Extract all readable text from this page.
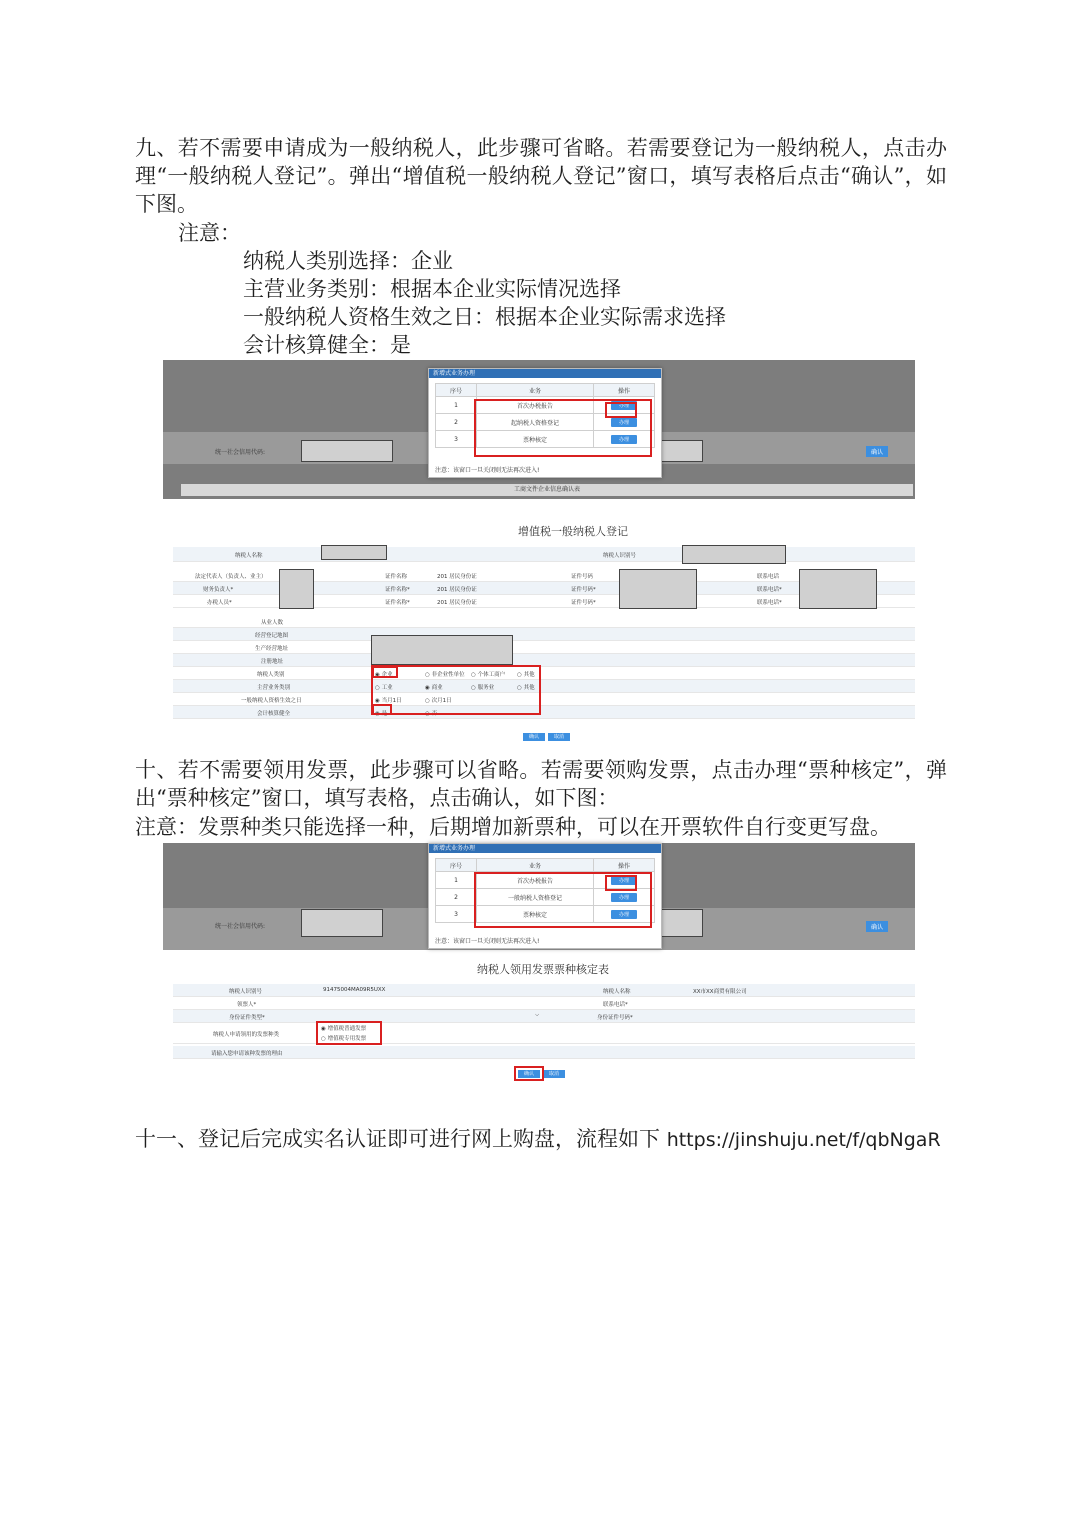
九、若不需要申请成为一般纳税人，此步骤可省略。若需要登记为一般纳税人，点击办理“一般纳税人登记”。弹出“增值税一般纳税人登记”窗口，填写表格后点击“确认”，如下图。
注意：
纳税人类别选择：企业
主营业务类别：根据本企业实际情况选择
一般纳税人资格生效之日：根据本企业实际需求选择
会计核算健全：是
统一社会信用代码:	确认
工商文件企业信息确认表
新增式业务办理
序号	业务	操作
1	首次办税报告	办理
2	起纳税人资格登记	办理
3	票种核定	办理
注意：该窗口一旦关闭则无法再次进入!
增值税一般纳税人登记
纳税人名称	纳税人识别号
法定代表人（负责人、业主）	证件名称	201 居民身份证	证件号码	联系电话
财务负责人*	证件名称*	201 居民身份证	证件号码*	联系电话*
办税人员*	证件名称*	201 居民身份证	证件号码*	联系电话*
从业人数
经营登记地图
生产经营地址
注册地址
纳税人类别	◉ 企业	○ 非企业性单位 ○ 个体工商户 ○ 其他
主营业务类别	○ 工业	◉ 商业	○ 服务业	○ 其他
一般纳税人资格生效之日	◉ 当月1日	○ 次月1日
会计核算健全	◉ 是	○ 否
确认	取消
十、若不需要领用发票，此步骤可以省略。若需要领购发票，点击办理“票种核定”，弹出“票种核定”窗口，填写表格，点击确认，如下图：
注意：发票种类只能选择一种，后期增加新票种，可以在开票软件自行变更写盘。
统一社会信用代码:	确认
新增式业务办理
序号	业务	操作
1	首次办税报告	办理
2	一般纳税人资格登记	办理
3	票种核定	办理
注意：该窗口一旦关闭则无法再次进入!
纳税人领用发票票种核定表
纳税人识别号	91475004MA09R5UXX	纳税人名称	XX市XX商贸有限公司
领票人*	联系电话*
身份证件类型*	⌵	身份证件号码*
纳税人申请领用的发票种类
◉ 增值税普通发票
○ 增值税专用发票
请输入您申请该种发票的理由
确认	取消
十一、登记后完成实名认证即可进行网上购盘，流程如下 https://jinshuju.net/f/qbNgaR
